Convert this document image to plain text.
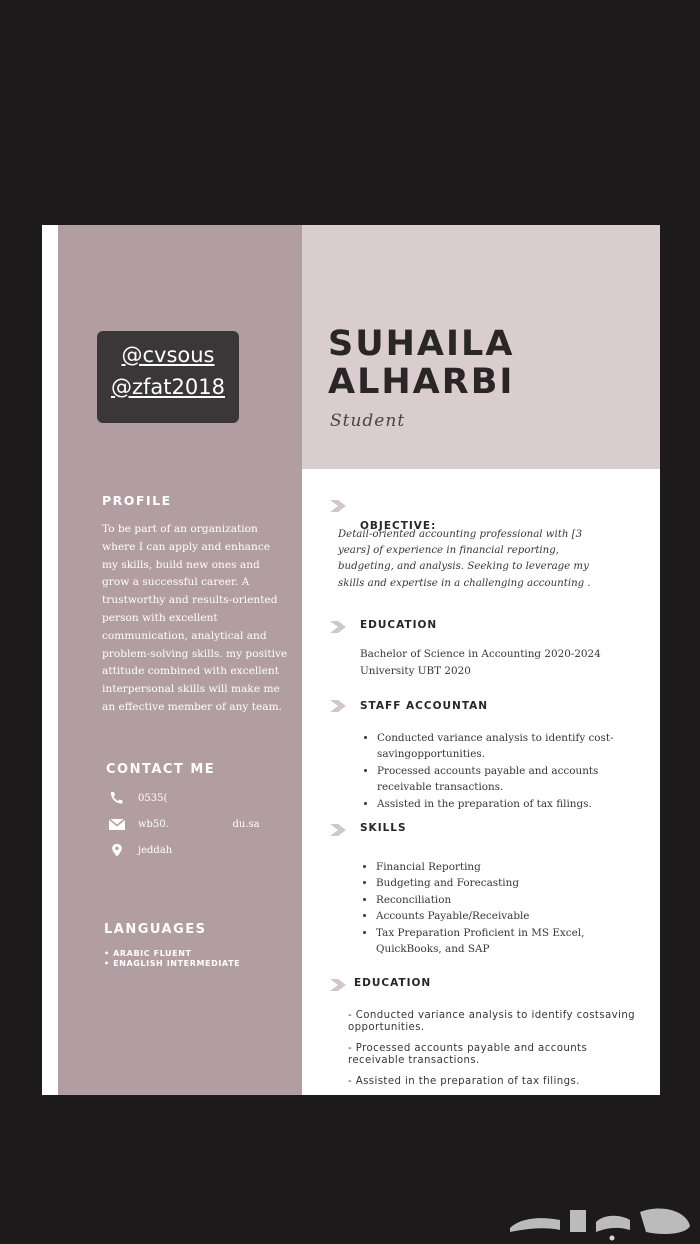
@cvsous
@zfat2018
SUHAILA
ALHARBI
Student
PROFILE
To be part of an organization where I can apply and enhance my skills, build new ones and grow a successful career. A trustworthy and results-oriented person with excellent communication, analytical and problem-solving skills. my positive attitude combined with excellent interpersonal skills will make me an effective member of any team.
CONTACT ME
0535(
wb50.                    du.sa
jeddah
LANGUAGES
• ARABIC FLUENT
• ENAGLISH INTERMEDIATE
OBJECTIVE:
Detail-oriented accounting professional with [3 years] of experience in financial reporting, budgeting, and analysis. Seeking to leverage my skills and expertise in a challenging accounting .
EDUCATION
Bachelor of Science in Accounting 2020-2024
University UBT 2020
STAFF ACCOUNTAN
• Conducted variance analysis to identify cost-savingopportunities.
• Processed accounts payable and accounts receivable transactions.
• Assisted in the preparation of tax filings.
SKILLS
• Financial Reporting
• Budgeting and Forecasting
• Reconciliation
• Accounts Payable/Receivable
• Tax Preparation Proficient in MS Excel, QuickBooks, and SAP
EDUCATION
- Conducted variance analysis to identify costsaving opportunities.
- Processed accounts payable and accounts receivable transactions.
- Assisted in the preparation of tax filings.
